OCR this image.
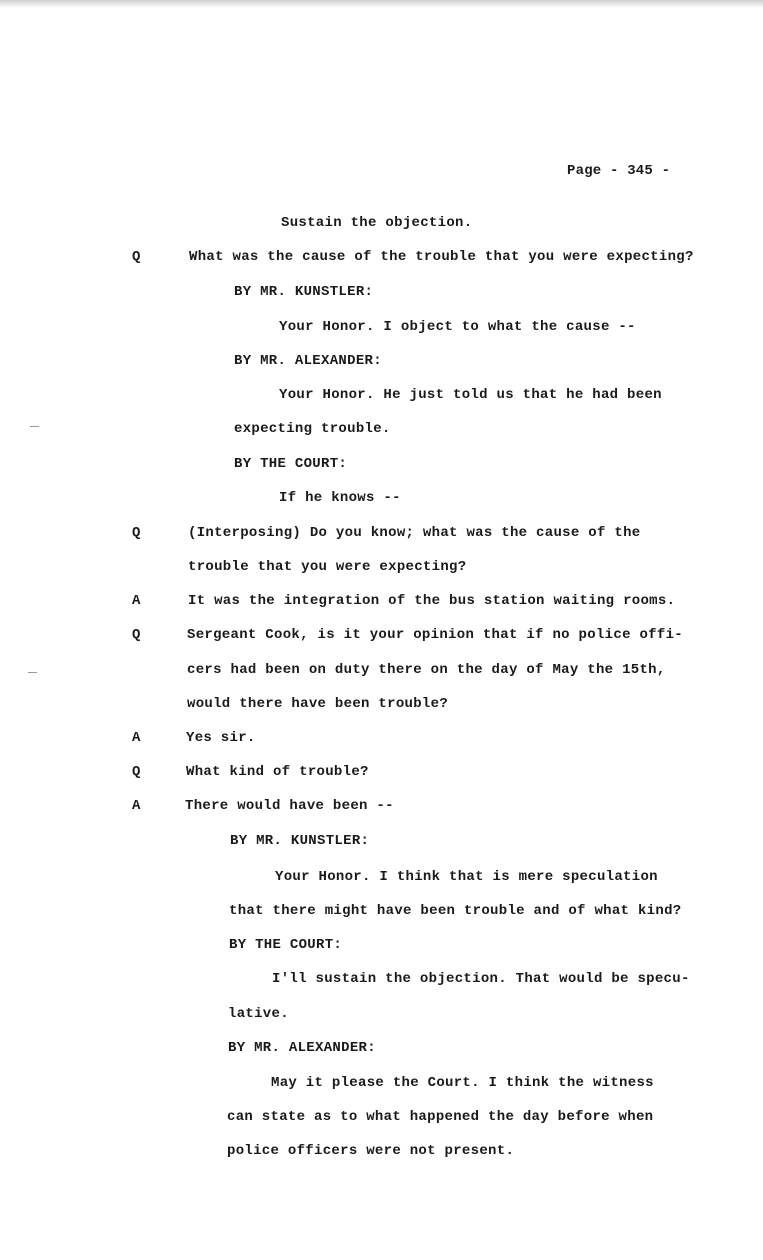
Page - 345 -
Q
Q
A
Q
A
Q
A
Sustain the objection.
What was the cause of the trouble that you were expecting?
BY MR. KUNSTLER:
Your Honor. I object to what the cause --
BY MR. ALEXANDER:
Your Honor. He just told us that he had been
expecting trouble.
BY THE COURT:
If he knows --
(Interposing) Do you know; what was the cause of the
trouble that you were expecting?
It was the integration of the bus station waiting rooms.
Sergeant Cook, is it your opinion that if no police offi-
cers had been on duty there on the day of May the 15th,
would there have been trouble?
Yes sir.
What kind of trouble?
There would have been --
BY MR. KUNSTLER:
Your Honor. I think that is mere speculation
that there might have been trouble and of what kind?
BY THE COURT:
I'll sustain the objection. That would be specu-
lative.
BY MR. ALEXANDER:
May it please the Court. I think the witness
can state as to what happened the day before when
police officers were not present.
